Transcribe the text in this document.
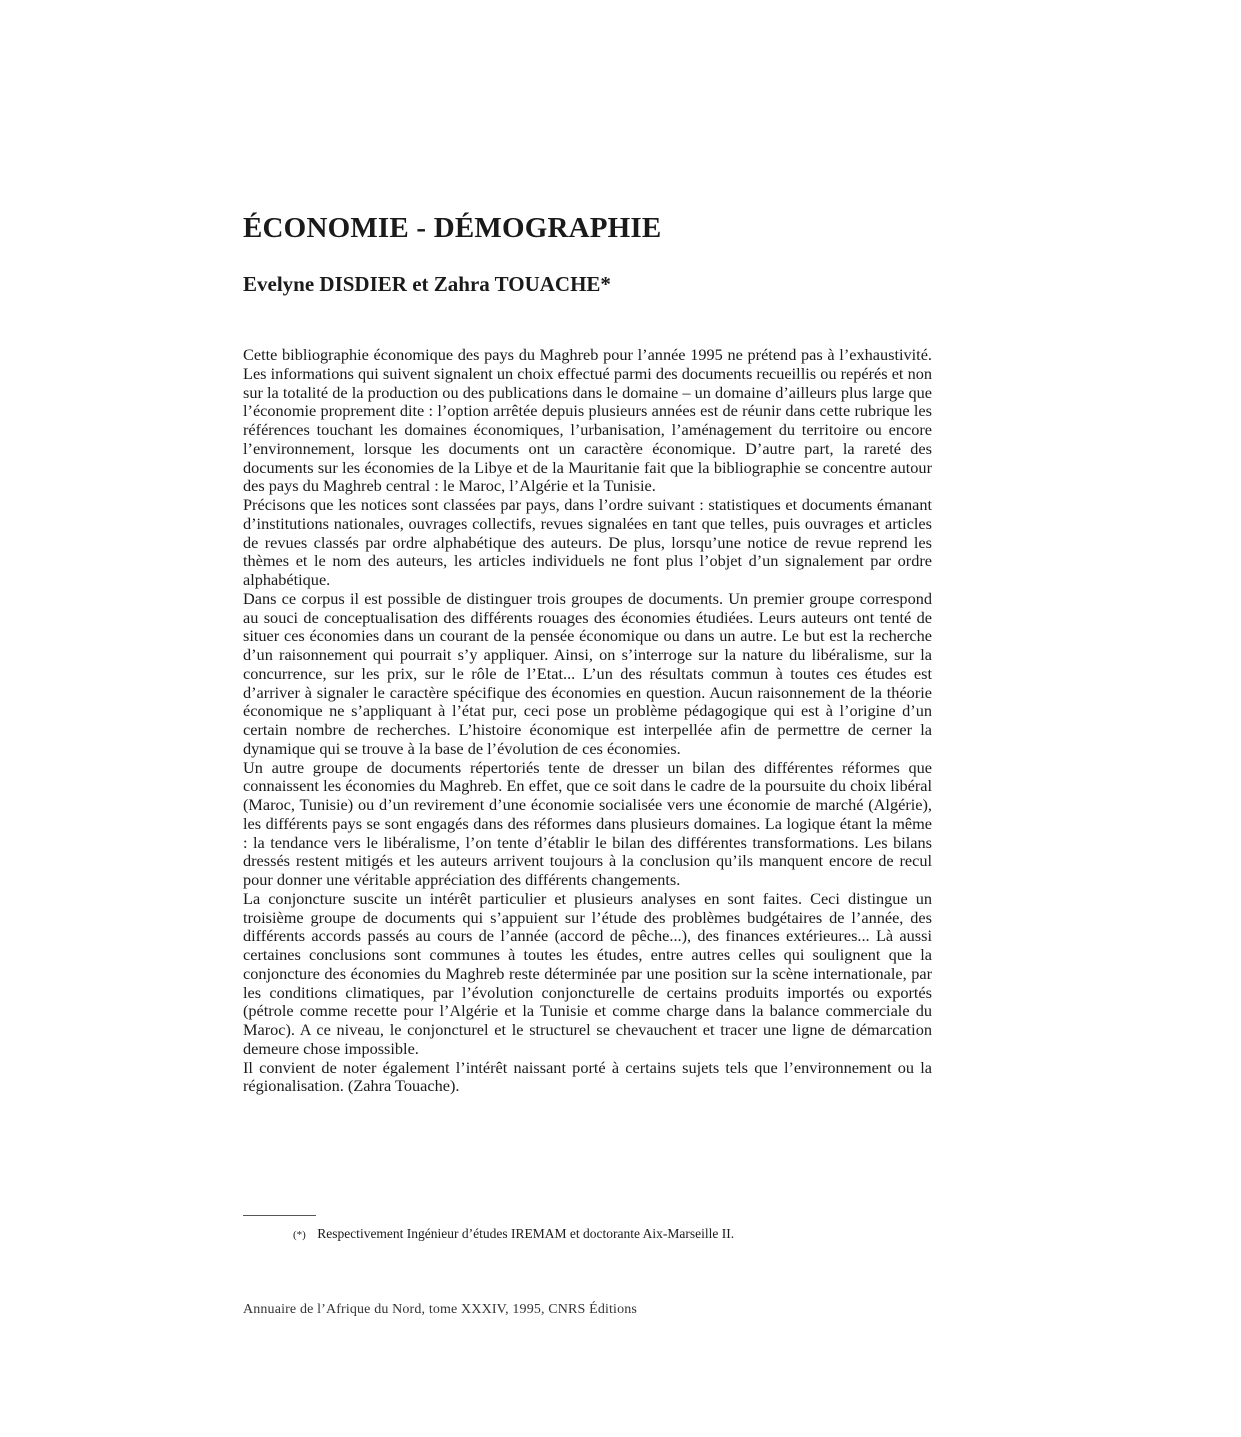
ÉCONOMIE - DÉMOGRAPHIE
Evelyne DISDIER et Zahra TOUACHE*

Cette bibliographie économique des pays du Maghreb pour l’année 1995 ne prétend pas à l’exhaustivité. Les informations qui suivent signalent un choix effectué parmi des documents recueillis ou repérés et non sur la totalité de la production ou des publications dans le domaine – un domaine d’ailleurs plus large que l’économie proprement dite : l’option arrêtée depuis plusieurs années est de réunir dans cette rubrique les références touchant les domaines économiques, l’urbanisation, l’aménagement du territoire ou encore l’environnement, lorsque les documents ont un caractère économique. D’autre part, la rareté des documents sur les économies de la Libye et de la Mauritanie fait que la bibliographie se concentre autour des pays du Maghreb central : le Maroc, l’Algérie et la Tunisie.

Précisons que les notices sont classées par pays, dans l’ordre suivant : statistiques et documents émanant d’institutions nationales, ouvrages collectifs, revues signalées en tant que telles, puis ouvrages et articles de revues classés par ordre alphabétique des auteurs. De plus, lorsqu’une notice de revue reprend les thèmes et le nom des auteurs, les articles individuels ne font plus l’objet d’un signalement par ordre alphabétique.

Dans ce corpus il est possible de distinguer trois groupes de documents. Un premier groupe correspond au souci de conceptualisation des différents rouages des économies étudiées. Leurs auteurs ont tenté de situer ces économies dans un courant de la pensée économique ou dans un autre. Le but est la recherche d’un raisonnement qui pourrait s’y appliquer. Ainsi, on s’interroge sur la nature du libéralisme, sur la concurrence, sur les prix, sur le rôle de l’Etat... L’un des résultats commun à toutes ces études est d’arriver à signaler le caractère spécifique des économies en question. Aucun raisonnement de la théorie économique ne s’appliquant à l’état pur, ceci pose un problème pédagogique qui est à l’origine d’un certain nombre de recherches. L’histoire économique est interpellée afin de permettre de cerner la dynamique qui se trouve à la base de l’évolution de ces économies.

Un autre groupe de documents répertoriés tente de dresser un bilan des différentes réformes que connaissent les économies du Maghreb. En effet, que ce soit dans le cadre de la poursuite du choix libéral (Maroc, Tunisie) ou d’un revirement d’une économie socialisée vers une économie de marché (Algérie), les différents pays se sont engagés dans des réformes dans plusieurs domaines. La logique étant la même : la tendance vers le libéralisme, l’on tente d’établir le bilan des différentes transformations. Les bilans dressés restent mitigés et les auteurs arrivent toujours à la conclusion qu’ils manquent encore de recul pour donner une véritable appréciation des différents changements.

La conjoncture suscite un intérêt particulier et plusieurs analyses en sont faites. Ceci distingue un troisième groupe de documents qui s’appuient sur l’étude des problèmes budgétaires de l’année, des différents accords passés au cours de l’année (accord de pêche...), des finances extérieures... Là aussi certaines conclusions sont communes à toutes les études, entre autres celles qui soulignent que la conjoncture des économies du Maghreb reste déterminée par une position sur la scène internationale, par les conditions climatiques, par l’évolution conjoncturelle de certains produits importés ou exportés (pétrole comme recette pour l’Algérie et la Tunisie et comme charge dans la balance commerciale du Maroc). A ce niveau, le conjoncturel et le structurel se chevauchent et tracer une ligne de démarcation demeure chose impossible.

Il convient de noter également l’intérêt naissant porté à certains sujets tels que l’environnement ou la régionalisation. (Zahra Touache).

(*) Respectivement Ingénieur d’études IREMAM et doctorante Aix-Marseille II.
Annuaire de l’Afrique du Nord, tome XXXIV, 1995, CNRS Éditions
